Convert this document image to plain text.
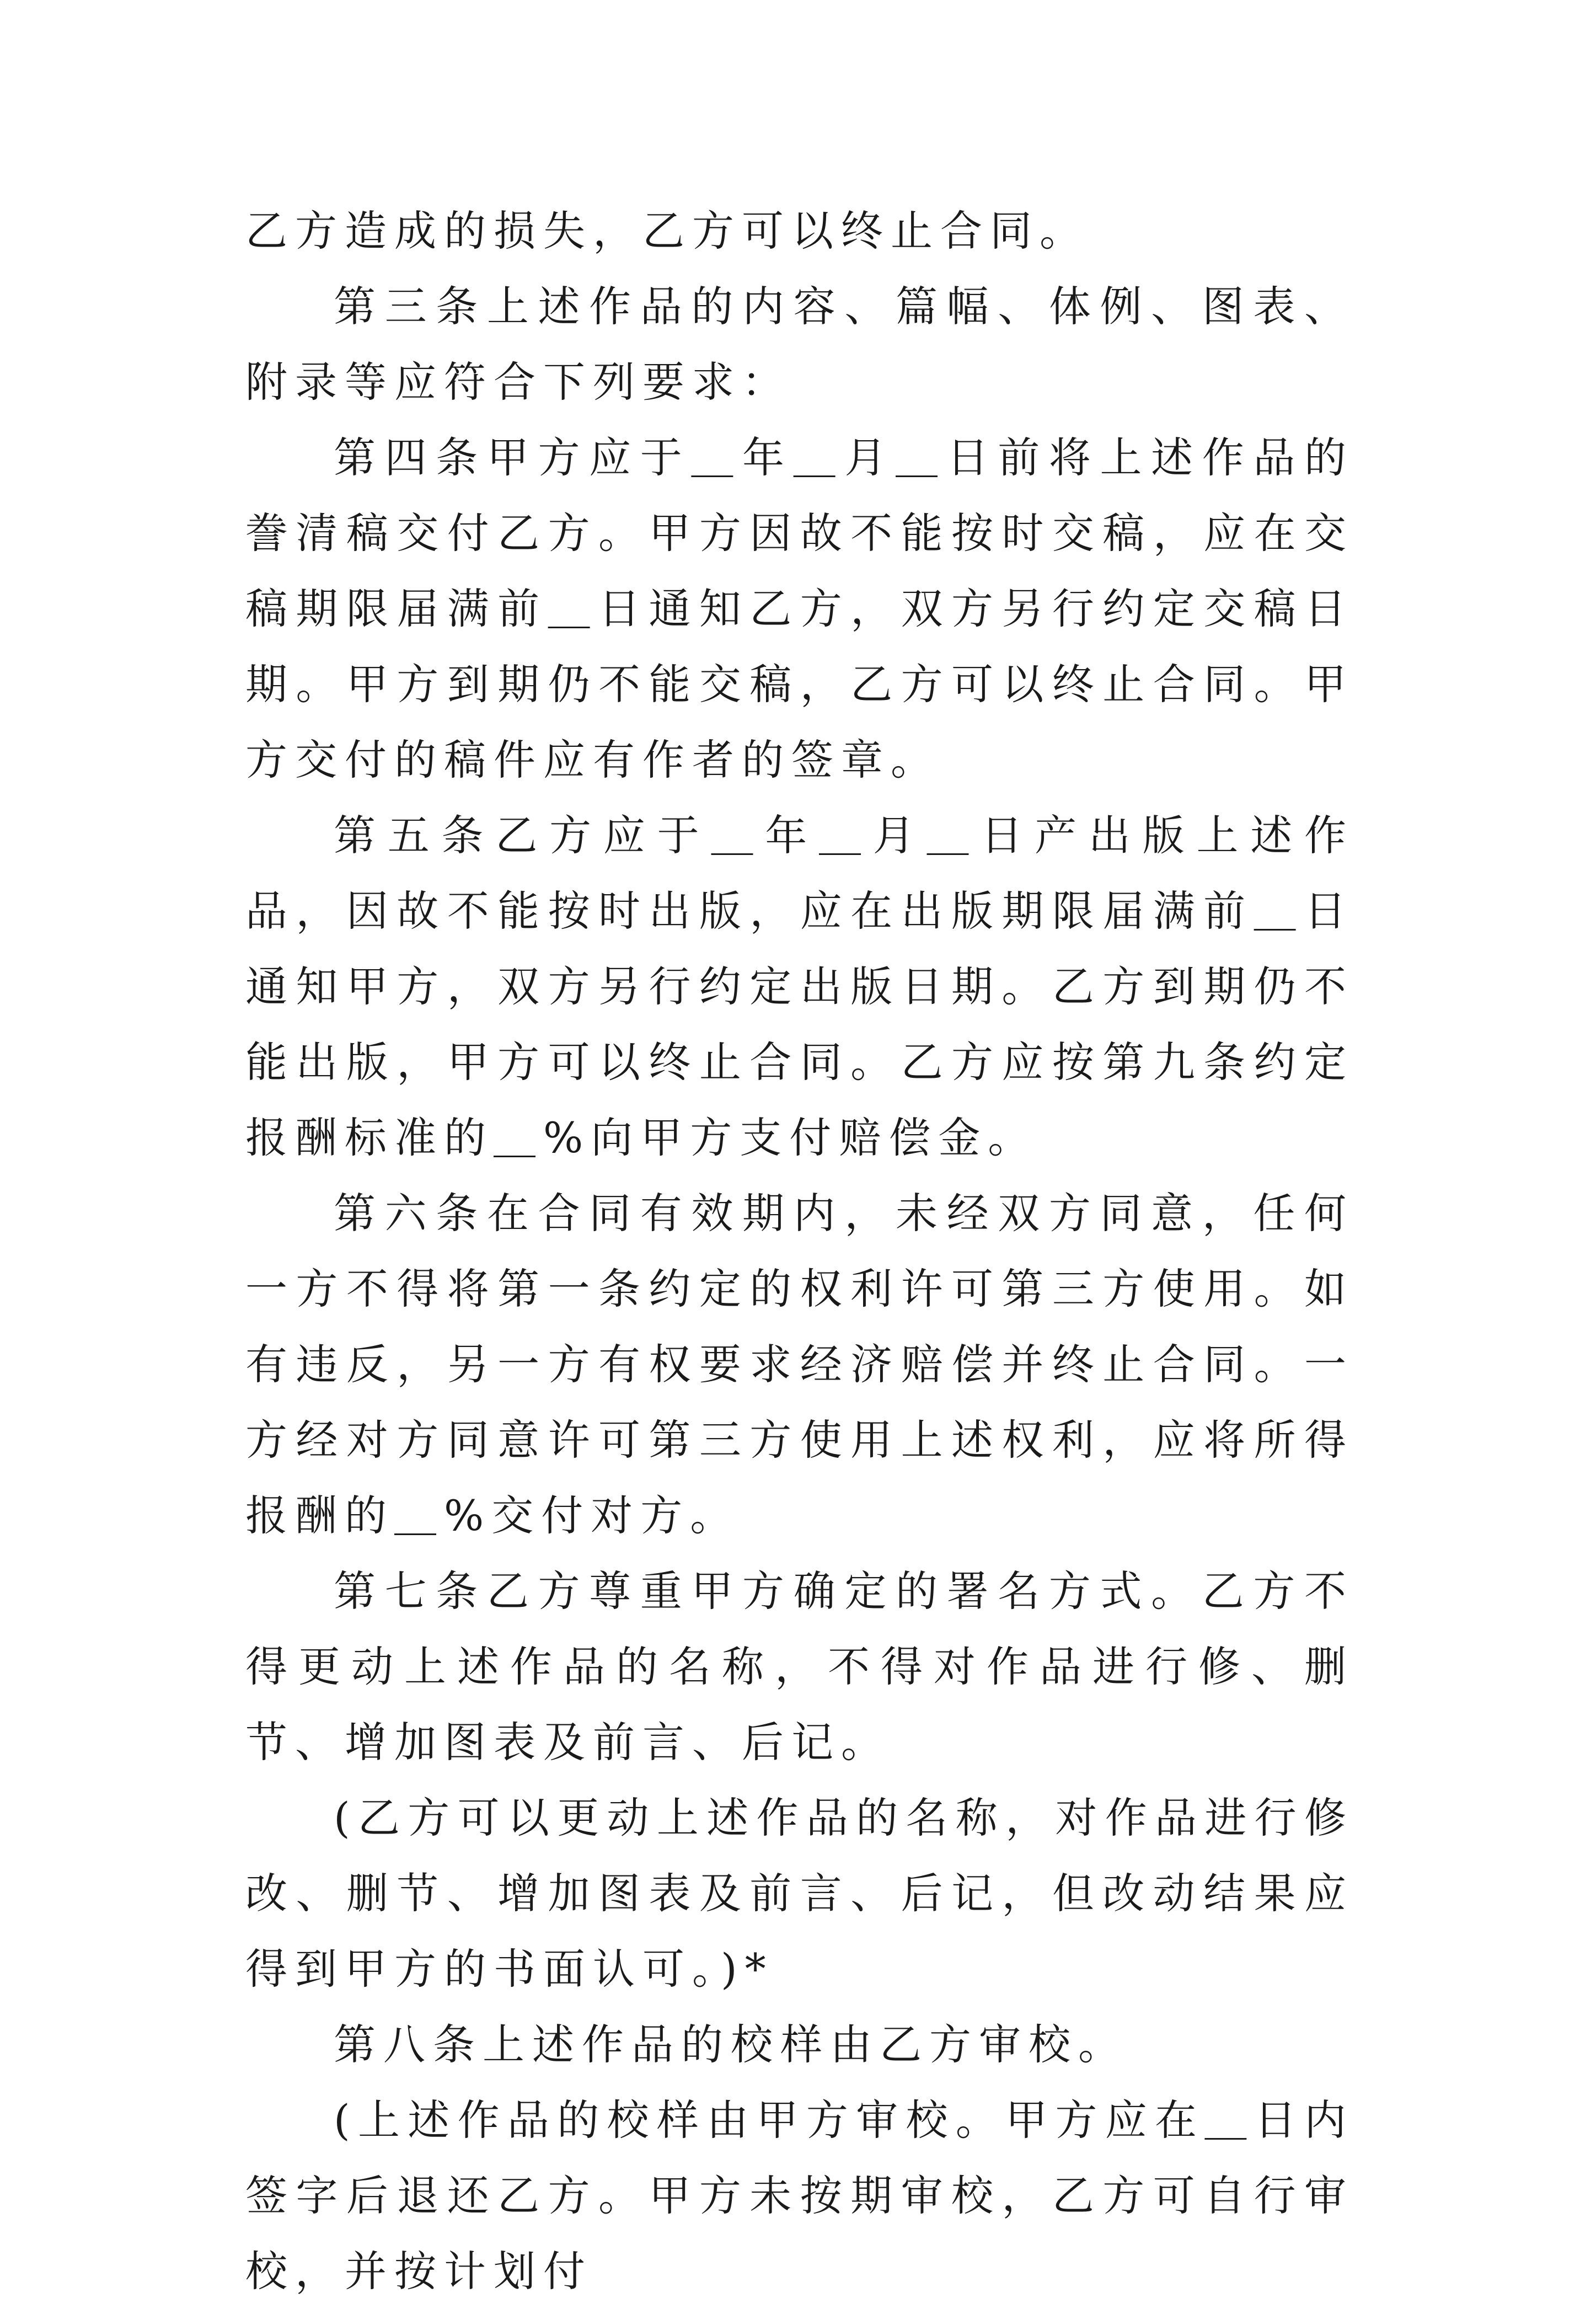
乙方造成的损失，乙方可以终止合同。

第三条上述作品的内容、篇幅、体例、图表、附录等应符合下列要求：

第四条甲方应于＿年＿月＿日前将上述作品的誊清稿交付乙方。甲方因故不能按时交稿，应在交稿期限届满前＿日通知乙方，双方另行约定交稿日期。甲方到期仍不能交稿，乙方可以终止合同。甲方交付的稿件应有作者的签章。

第五条乙方应于＿年＿月＿日产出版上述作品，因故不能按时出版，应在出版期限届满前＿日通知甲方，双方另行约定出版日期。乙方到期仍不能出版，甲方可以终止合同。乙方应按第九条约定报酬标准的＿%向甲方支付赔偿金。

第六条在合同有效期内，未经双方同意，任何一方不得将第一条约定的权利许可第三方使用。如有违反，另一方有权要求经济赔偿并终止合同。一方经对方同意许可第三方使用上述权利，应将所得报酬的＿%交付对方。

第七条乙方尊重甲方确定的署名方式。乙方不得更动上述作品的名称，不得对作品进行修、删节、增加图表及前言、后记。

(乙方可以更动上述作品的名称，对作品进行修改、删节、增加图表及前言、后记，但改动结果应得到甲方的书面认可。)*

第八条上述作品的校样由乙方审校。

(上述作品的校样由甲方审校。甲方应在＿日内签字后退还乙方。甲方未按期审校，乙方可自行审校，并按计划付
